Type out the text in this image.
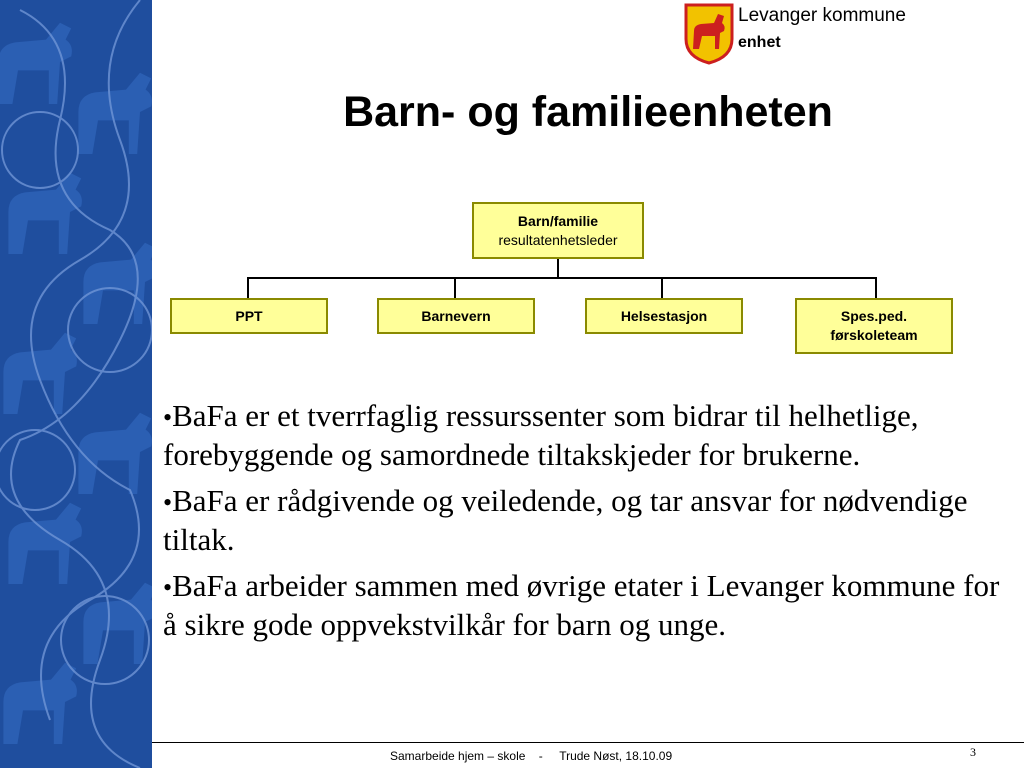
Levanger kommune
enhet
Barn- og familieenheten
Barn/familie
resultatenhetsleder
PPT	Barnevern	Helsestasjon	Spes.ped.
førskoleteam
•BaFa er et tverrfaglig ressurssenter som bidrar til helhetlige, forebyggende og samordnede tiltakskjeder for brukerne.
•BaFa er rådgivende og veiledende, og tar ansvar for nødvendige tiltak.
•BaFa arbeider sammen med øvrige etater i Levanger kommune for å sikre gode oppvekstvilkår for barn og unge.
Samarbeide hjem – skole    -     Trude Nøst, 18.10.09	3
